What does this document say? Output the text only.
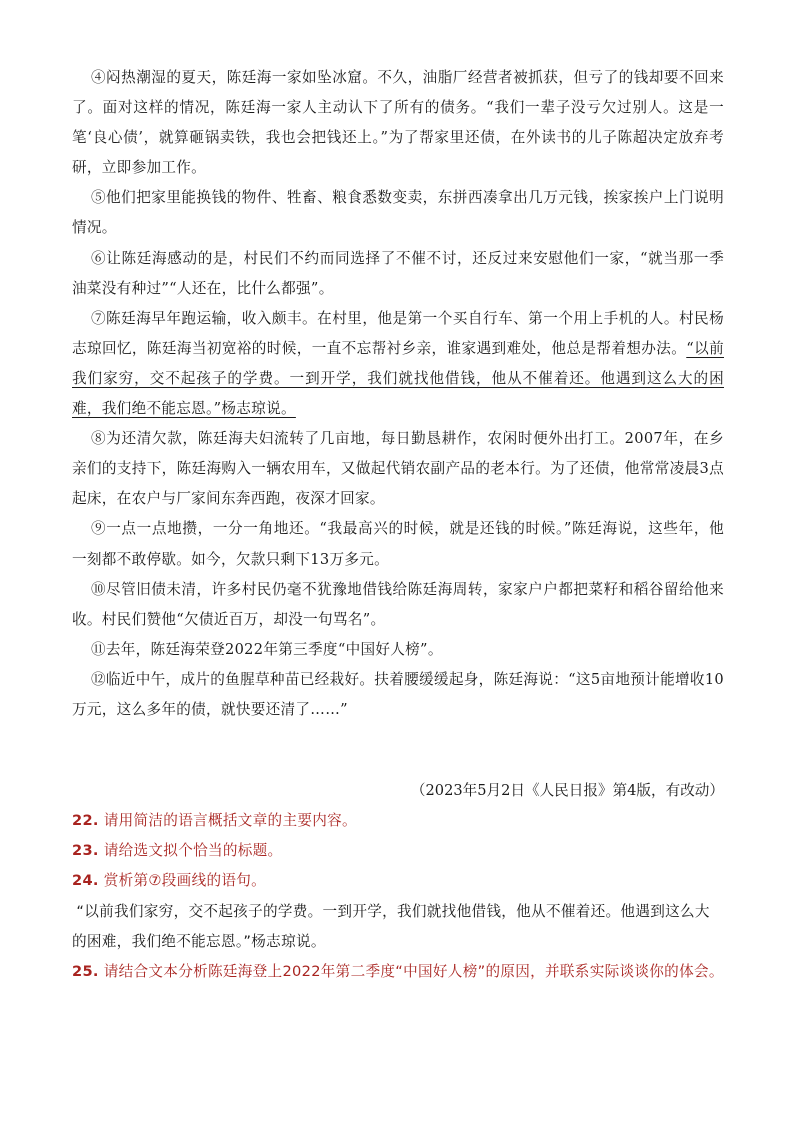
④闷热潮湿的夏天，陈廷海一家如坠冰窟。不久，油脂厂经营者被抓获，但亏了的钱却要不回来了。面对这样的情况，陈廷海一家人主动认下了所有的债务。“我们一辈子没亏欠过别人。这是一笔‘良心债’，就算砸锅卖铁，我也会把钱还上。”为了帮家里还债，在外读书的儿子陈超决定放弃考研，立即参加工作。

⑤他们把家里能换钱的物件、牲畜、粮食悉数变卖，东拼西凑拿出几万元钱，挨家挨户上门说明情况。

⑥让陈廷海感动的是，村民们不约而同选择了不催不讨，还反过来安慰他们一家，“就当那一季油菜没有种过”“人还在，比什么都强”。

⑦陈廷海早年跑运输，收入颇丰。在村里，他是第一个买自行车、第一个用上手机的人。村民杨志琼回忆，陈廷海当初宽裕的时候，一直不忘帮衬乡亲，谁家遇到难处，他总是帮着想办法。“以前我们家穷，交不起孩子的学费。一到开学，我们就找他借钱，他从不催着还。他遇到这么大的困难，我们绝不能忘恩。”杨志琼说。

⑧为还清欠款，陈廷海夫妇流转了几亩地，每日勤恳耕作，农闲时便外出打工。2007年，在乡亲们的支持下，陈廷海购入一辆农用车，又做起代销农副产品的老本行。为了还债，他常常凌晨3点起床，在农户与厂家间东奔西跑，夜深才回家。

⑨一点一点地攒，一分一角地还。“我最高兴的时候，就是还钱的时候。”陈廷海说，这些年，他一刻都不敢停歇。如今，欠款只剩下13万多元。

⑩尽管旧债未清，许多村民仍毫不犹豫地借钱给陈廷海周转，家家户户都把菜籽和稻谷留给他来收。村民们赞他“欠债近百万，却没一句骂名”。

⑪去年，陈廷海荣登2022年第三季度“中国好人榜”。

⑫临近中午，成片的鱼腥草种苗已经栽好。扶着腰缓缓起身，陈廷海说：“这5亩地预计能增收10万元，这么多年的债，就快要还清了……”

（2023年5月2日《人民日报》第4版，有改动）

22. 请用简洁的语言概括文章的主要内容。

23. 请给选文拟个恰当的标题。

24. 赏析第⑦段画线的语句。

“以前我们家穷，交不起孩子的学费。一到开学，我们就找他借钱，他从不催着还。他遇到这么大的困难，我们绝不能忘恩。”杨志琼说。

25. 请结合文本分析陈廷海登上2022年第二季度“中国好人榜”的原因，并联系实际谈谈你的体会。
